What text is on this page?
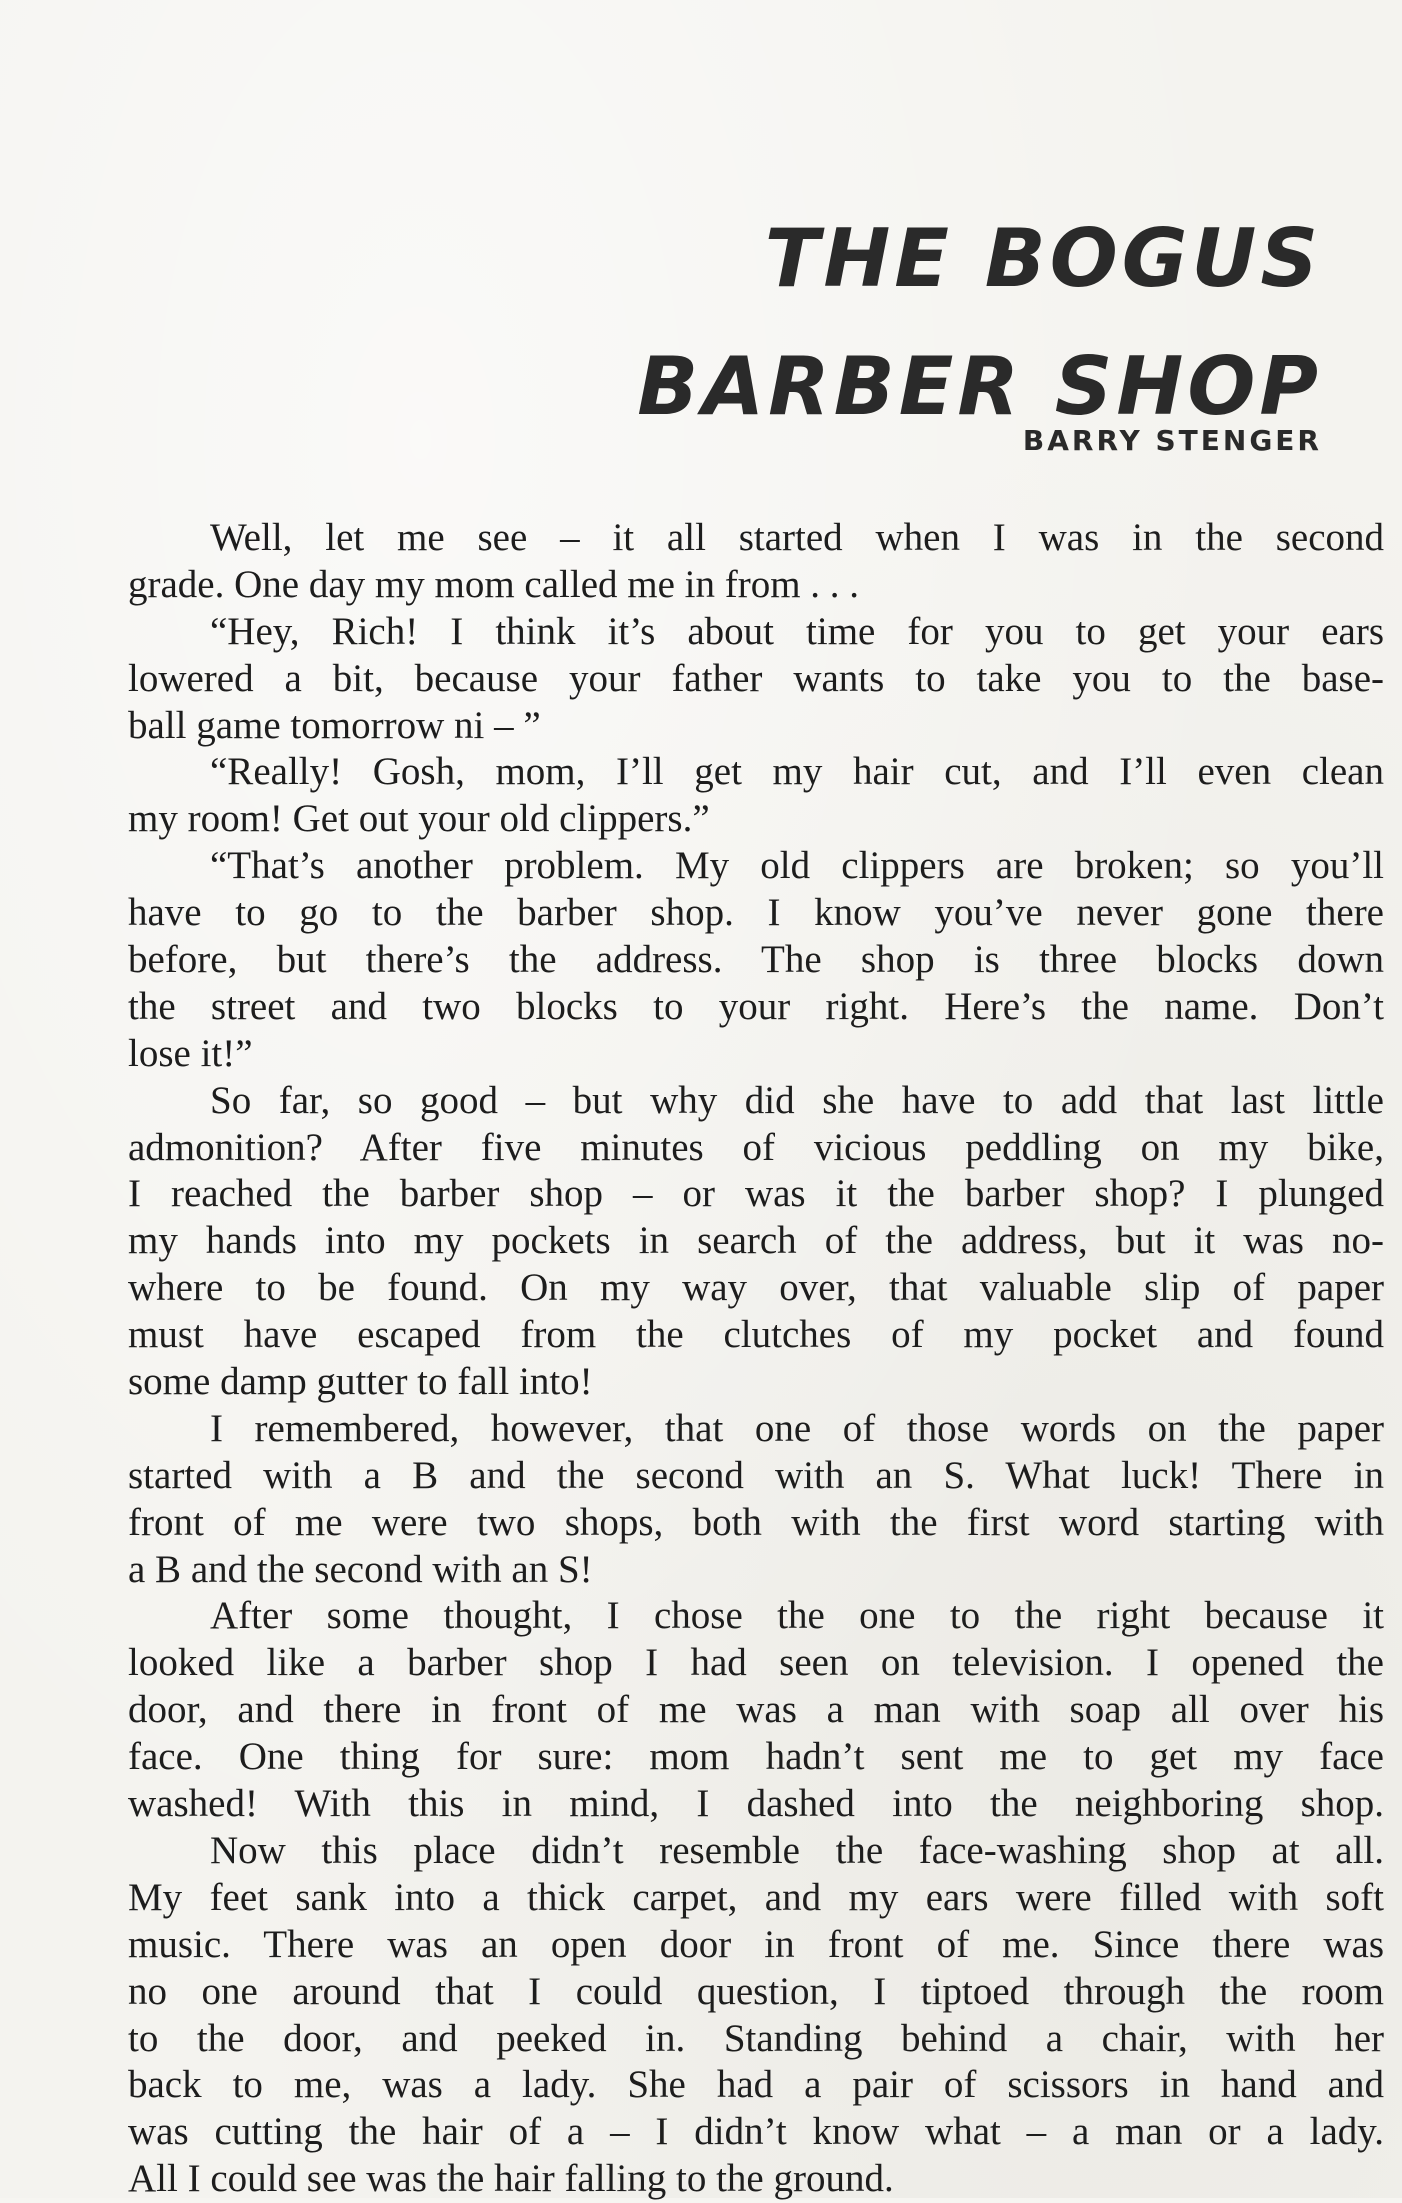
THE BOGUS
BARBER SHOP
BARRY STENGER
Well, let me see – it all started when I was in the second
grade. One day my mom called me in from . . .
“Hey, Rich! I think it’s about time for you to get your ears
lowered a bit, because your father wants to take you to the base-
ball game tomorrow ni – ”
“Really! Gosh, mom, I’ll get my hair cut, and I’ll even clean
my room! Get out your old clippers.”
“That’s another problem. My old clippers are broken; so you’ll
have to go to the barber shop. I know you’ve never gone there
before, but there’s the address. The shop is three blocks down
the street and two blocks to your right. Here’s the name. Don’t
lose it!”
So far, so good – but why did she have to add that last little
admonition? After five minutes of vicious peddling on my bike,
I reached the barber shop – or was it the barber shop? I plunged
my hands into my pockets in search of the address, but it was no-
where to be found. On my way over, that valuable slip of paper
must have escaped from the clutches of my pocket and found
some damp gutter to fall into!
I remembered, however, that one of those words on the paper
started with a B and the second with an S. What luck! There in
front of me were two shops, both with the first word starting with
a B and the second with an S!
After some thought, I chose the one to the right because it
looked like a barber shop I had seen on television. I opened the
door, and there in front of me was a man with soap all over his
face. One thing for sure: mom hadn’t sent me to get my face
washed! With this in mind, I dashed into the neighboring shop.
Now this place didn’t resemble the face-washing shop at all.
My feet sank into a thick carpet, and my ears were filled with soft
music. There was an open door in front of me. Since there was
no one around that I could question, I tiptoed through the room
to the door, and peeked in. Standing behind a chair, with her
back to me, was a lady. She had a pair of scissors in hand and
was cutting the hair of a – I didn’t know what – a man or a lady.
All I could see was the hair falling to the ground.
